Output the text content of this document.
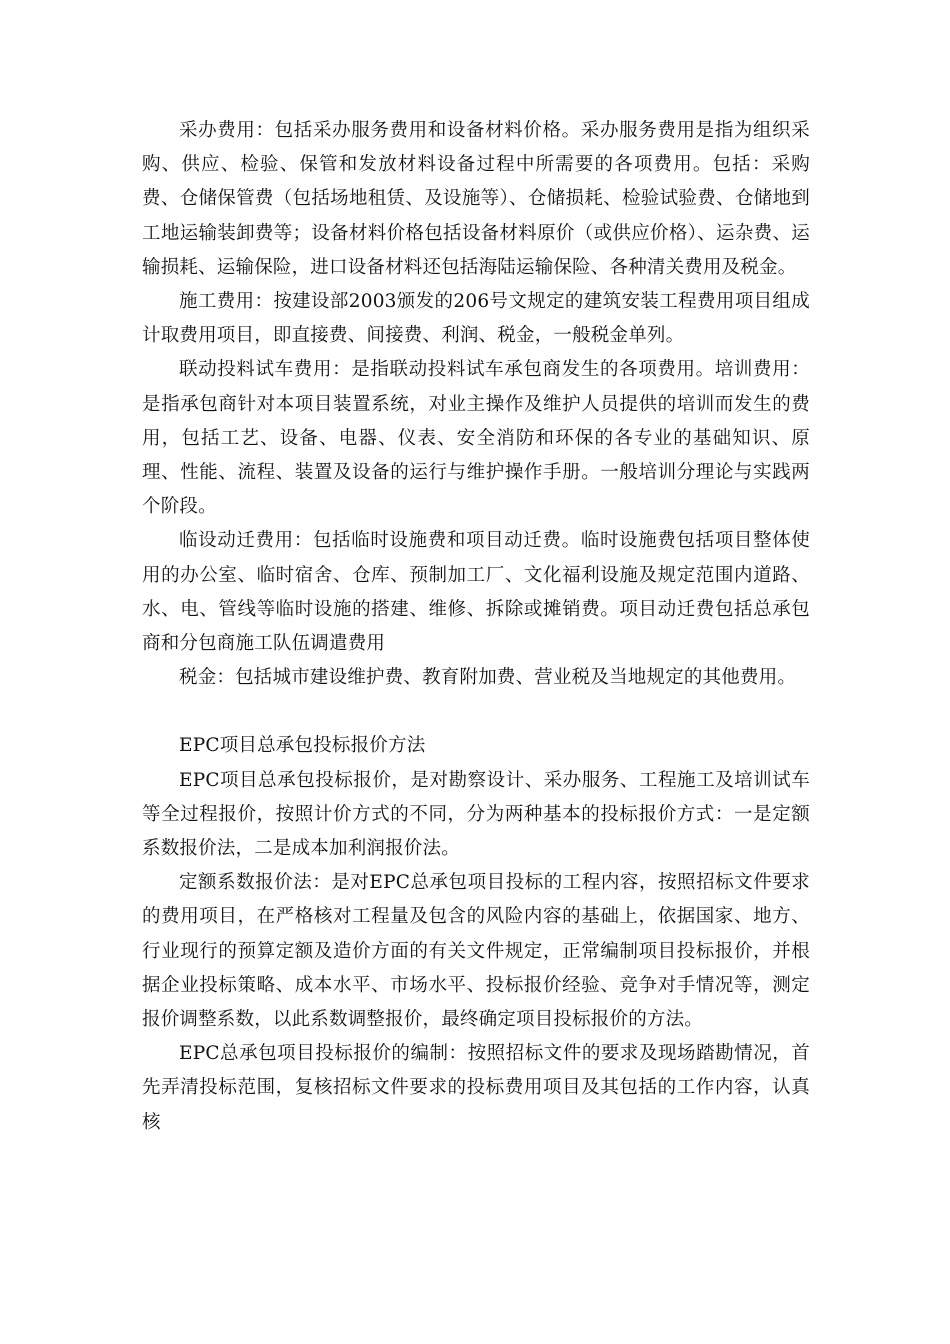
采办费用：包括采办服务费用和设备材料价格。采办服务费用是指为组织采购、供应、检验、保管和发放材料设备过程中所需要的各项费用。包括：采购费、仓储保管费（包括场地租赁、及设施等）、仓储损耗、检验试验费、仓储地到工地运输装卸费等；设备材料价格包括设备材料原价（或供应价格）、运杂费、运输损耗、运输保险，进口设备材料还包括海陆运输保险、各种清关费用及税金。

施工费用：按建设部2003颁发的206号文规定的建筑安装工程费用项目组成计取费用项目，即直接费、间接费、利润、税金，一般税金单列。

联动投料试车费用：是指联动投料试车承包商发生的各项费用。培训费用：是指承包商针对本项目装置系统，对业主操作及维护人员提供的培训而发生的费用，包括工艺、设备、电器、仪表、安全消防和环保的各专业的基础知识、原理、性能、流程、装置及设备的运行与维护操作手册。一般培训分理论与实践两个阶段。

临设动迁费用：包括临时设施费和项目动迁费。临时设施费包括项目整体使用的办公室、临时宿舍、仓库、预制加工厂、文化福利设施及规定范围内道路、水、电、管线等临时设施的搭建、维修、拆除或摊销费。项目动迁费包括总承包商和分包商施工队伍调遣费用

税金：包括城市建设维护费、教育附加费、营业税及当地规定的其他费用。

EPC项目总承包投标报价方法

EPC项目总承包投标报价，是对勘察设计、采办服务、工程施工及培训试车等全过程报价，按照计价方式的不同，分为两种基本的投标报价方式：一是定额系数报价法，二是成本加利润报价法。

定额系数报价法：是对EPC总承包项目投标的工程内容，按照招标文件要求的费用项目，在严格核对工程量及包含的风险内容的基础上，依据国家、地方、行业现行的预算定额及造价方面的有关文件规定，正常编制项目投标报价，并根据企业投标策略、成本水平、市场水平、投标报价经验、竞争对手情况等，测定报价调整系数，以此系数调整报价，最终确定项目投标报价的方法。

EPC总承包项目投标报价的编制：按照招标文件的要求及现场踏勘情况，首先弄清投标范围，复核招标文件要求的投标费用项目及其包括的工作内容，认真核
